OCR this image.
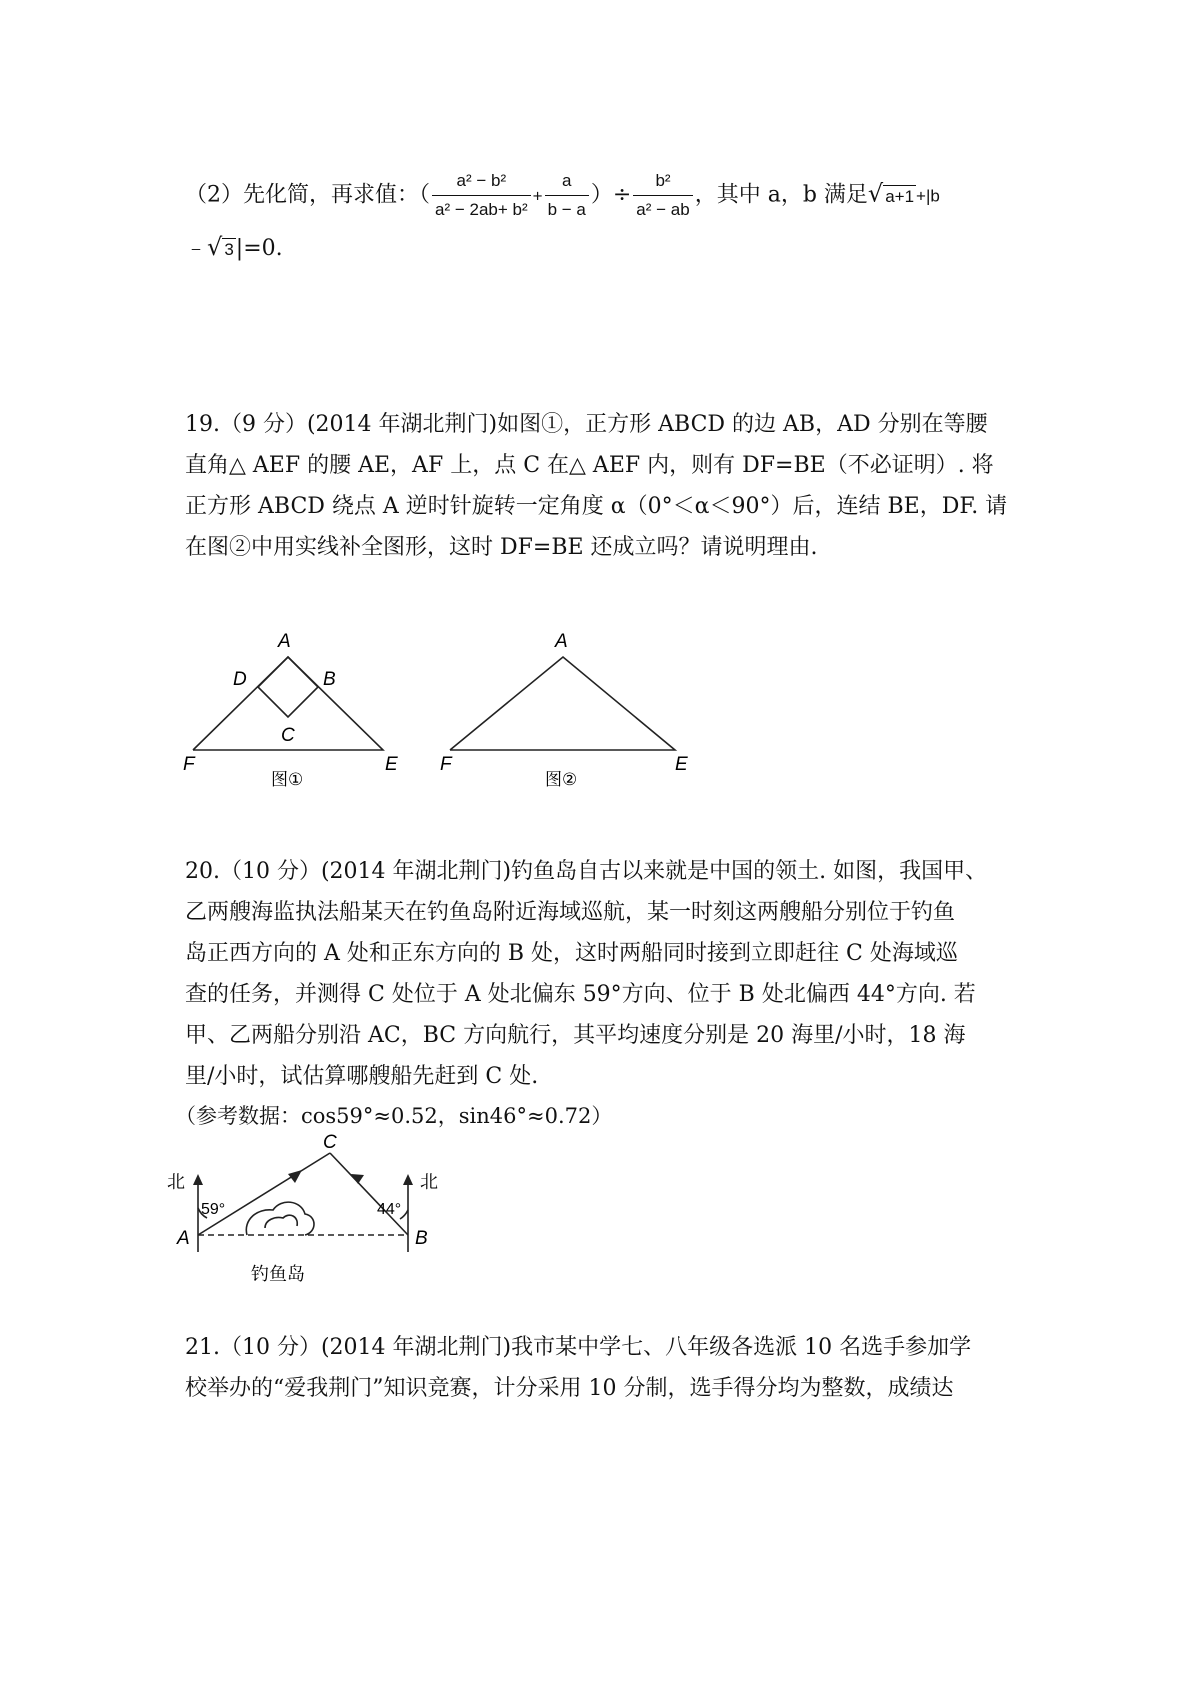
（2）先化简，再求值：（ $\frac{\text{a² − b²}}{\text{a² − 2ab+ b²}} + \frac{a}{b - a}$ ）÷ $\frac{\text{b²}}{\text{a² − ab}}$ ，其中 a，b 满足√ a+1 +|b
﹣√ 3|=0.
19.（9 分）(2014 年湖北荆门)如图①，正方形 ABCD 的边 AB，AD 分别在等腰
直角△ AEF 的腰 AE，AF 上，点 C 在△ AEF 内，则有 DF=BE（不必证明）. 将
正方形 ABCD 绕点 A 逆时针旋转一定角度 α（0°＜α＜90°）后，连结 BE，DF. 请
在图②中用实线补全图形，这时 DF=BE 还成立吗？请说明理由.
A
B
C
D
E
F
图①
A
E
F
图②
20.（10 分）(2014 年湖北荆门)钓鱼岛自古以来就是中国的领土. 如图，我国甲、
乙两艘海监执法船某天在钓鱼岛附近海域巡航，某一时刻这两艘船分别位于钓鱼
岛正西方向的 A 处和正东方向的 B 处，这时两船同时接到立即赶往 C 处海域巡
查的任务，并测得 C 处位于 A 处北偏东 59°方向、位于 B 处北偏西 44°方向. 若
甲、乙两船分别沿 AC，BC 方向航行，其平均速度分别是 20 海里/小时，18 海
里/小时，试估算哪艘船先赶到 C 处.
（参考数据：cos59°≈0.52，sin46°≈0.72）
北	北
59°	44°
A	B
C
钓鱼岛
21.（10 分）(2014 年湖北荆门)我市某中学七、八年级各选派 10 名选手参加学
校举办的“爱我荆门”知识竞赛，计分采用 10 分制，选手得分均为整数，成绩达
